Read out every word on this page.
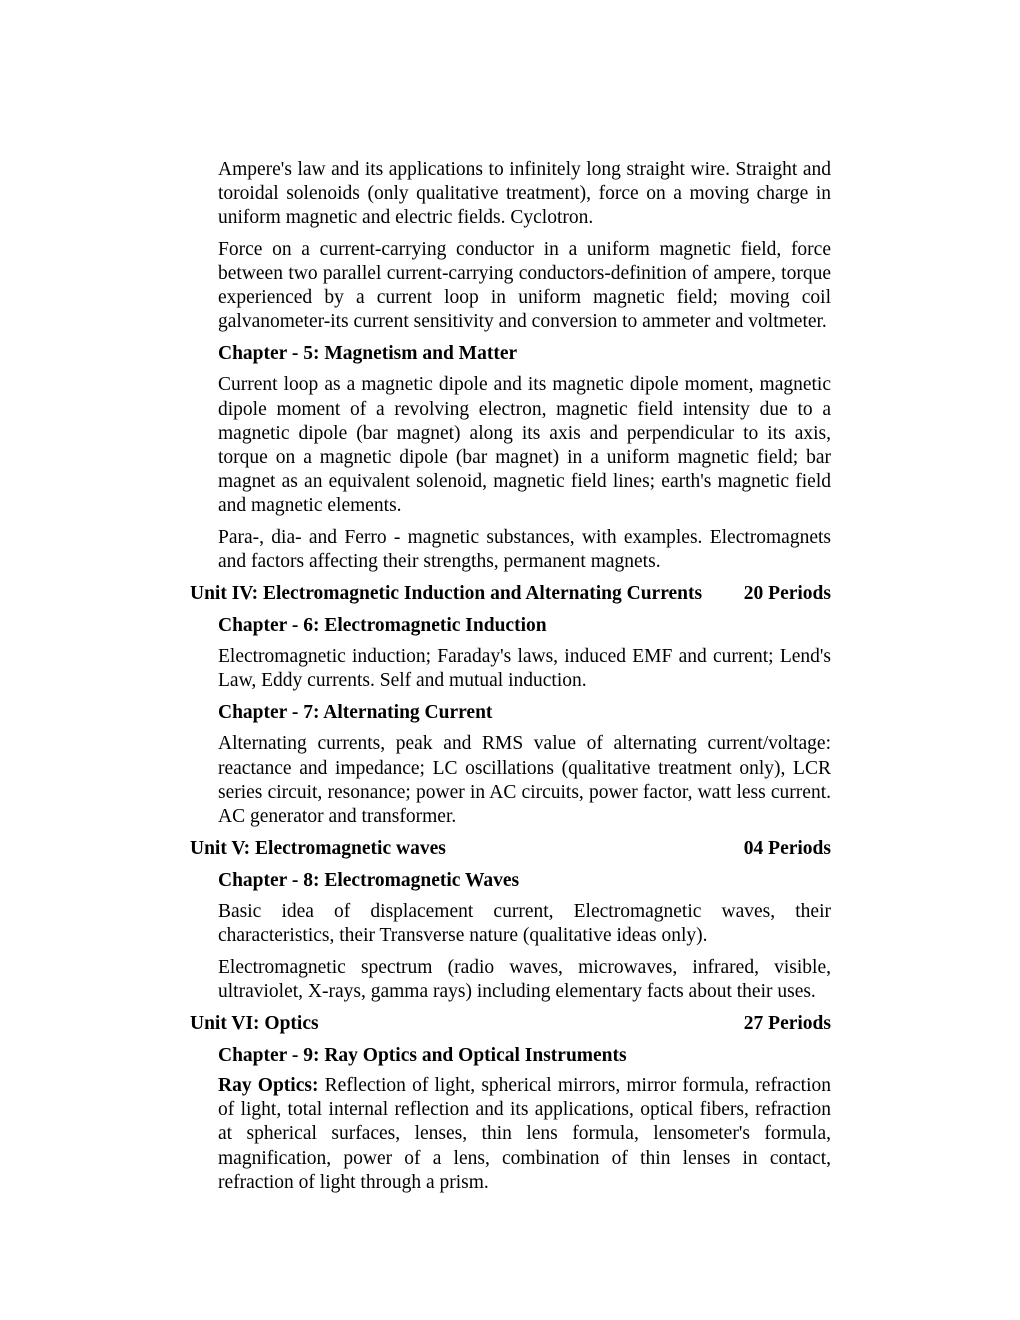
Ampere's law and its applications to infinitely long straight wire. Straight and toroidal solenoids (only qualitative treatment), force on a moving charge in uniform magnetic and electric fields. Cyclotron.

Force on a current-carrying conductor in a uniform magnetic field, force between two parallel current-carrying conductors-definition of ampere, torque experienced by a current loop in uniform magnetic field; moving coil galvanometer-its current sensitivity and conversion to ammeter and voltmeter.

Chapter - 5: Magnetism and Matter

Current loop as a magnetic dipole and its magnetic dipole moment, magnetic dipole moment of a revolving electron, magnetic field intensity due to a magnetic dipole (bar magnet) along its axis and perpendicular to its axis, torque on a magnetic dipole (bar magnet) in a uniform magnetic field; bar magnet as an equivalent solenoid, magnetic field lines; earth's magnetic field and magnetic elements.

Para-, dia- and Ferro - magnetic substances, with examples. Electromagnets and factors affecting their strengths, permanent magnets.

Unit IV: Electromagnetic Induction and Alternating Currents 20 Periods
Chapter - 6: Electromagnetic Induction

Electromagnetic induction; Faraday's laws, induced EMF and current; Lend's Law, Eddy currents. Self and mutual induction.

Chapter - 7: Alternating Current

Alternating currents, peak and RMS value of alternating current/voltage: reactance and impedance; LC oscillations (qualitative treatment only), LCR series circuit, resonance; power in AC circuits, power factor, watt less current. AC generator and transformer.

Unit V: Electromagnetic waves	04 Periods
Chapter - 8: Electromagnetic Waves

Basic idea of displacement current, Electromagnetic waves, their characteristics, their Transverse nature (qualitative ideas only).

Electromagnetic spectrum (radio waves, microwaves, infrared, visible, ultraviolet, X-rays, gamma rays) including elementary facts about their uses.

Unit VI: Optics	27 Periods
Chapter - 9: Ray Optics and Optical Instruments

Ray Optics: Reflection of light, spherical mirrors, mirror formula, refraction of light, total internal reflection and its applications, optical fibers, refraction at spherical surfaces, lenses, thin lens formula, lensometer's formula, magnification, power of a lens, combination of thin lenses in contact, refraction of light through a prism.
